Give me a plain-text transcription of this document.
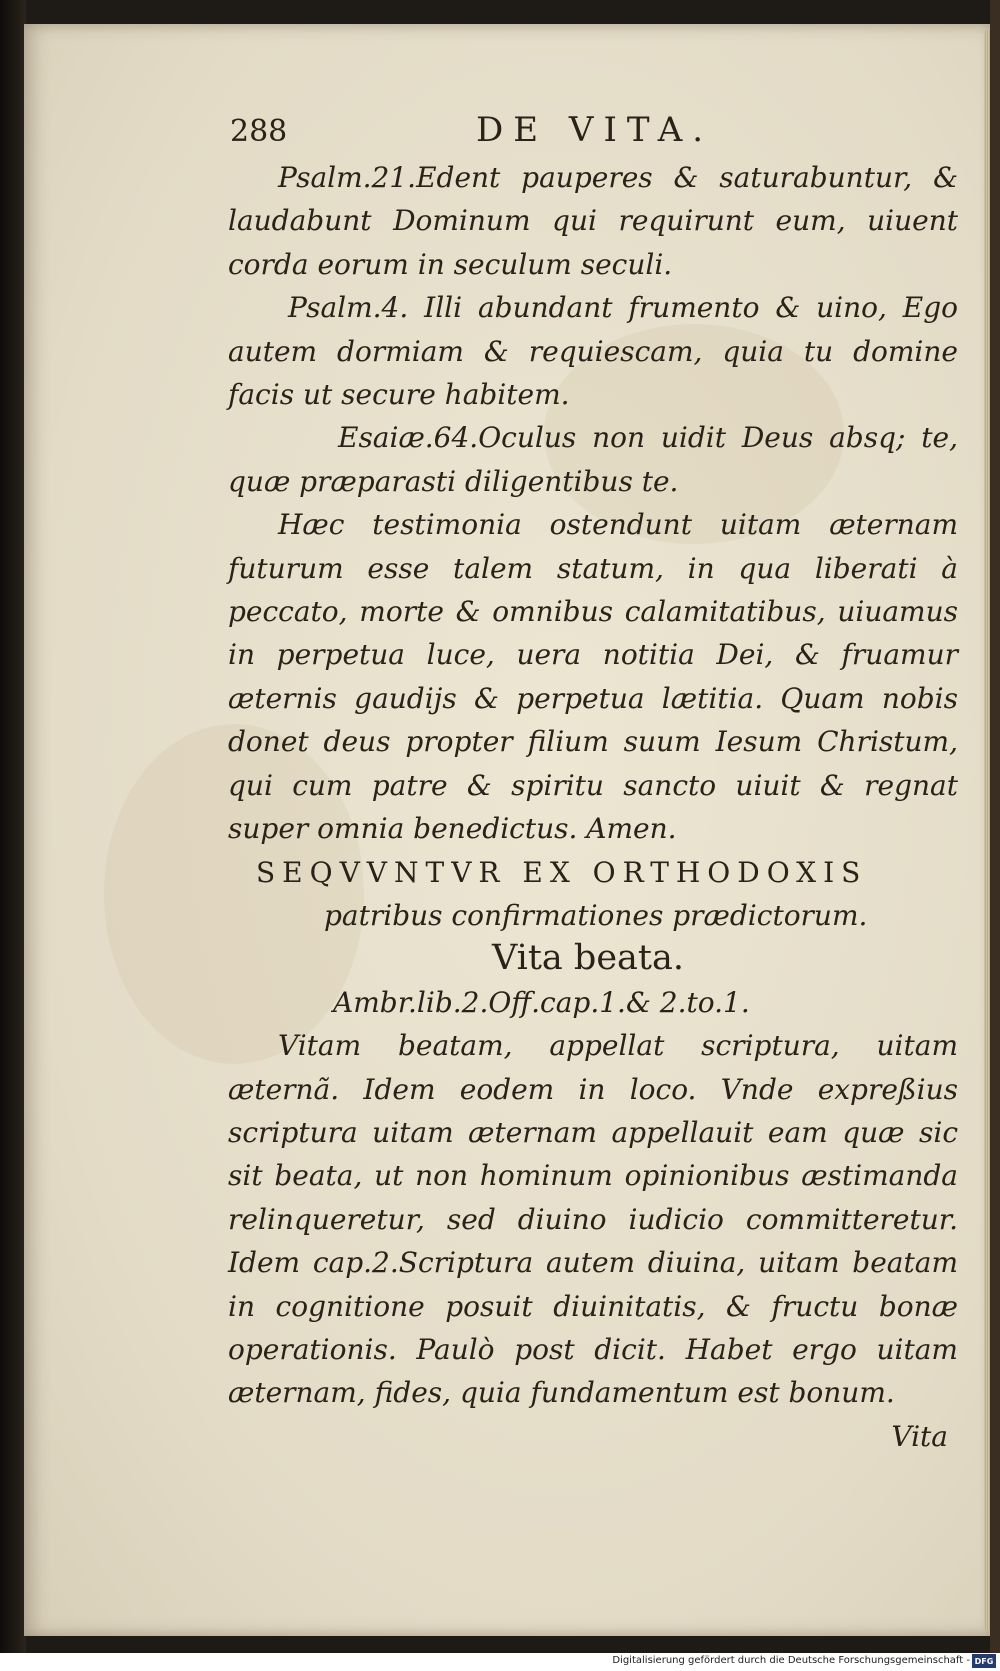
288	DE VITA.

Psalm.21.Edent pauperes & saturabuntur, & laudabunt Dominum qui requirunt eum, uiuent corda eorum in seculum seculi.

Psalm.4. Illi abundant frumento & uino, Ego autem dormiam & requiescam, quia tu domine facis ut secure habitem.

Esaiæ.64.Oculus non uidit Deus absq; te, quæ præparasti diligentibus te.

Hæc testimonia ostendunt uitam æternam futurum esse talem statum, in qua liberati à peccato, morte & omnibus calamitatibus, uiuamus in perpetua luce, uera notitia Dei, & fruamur æternis gaudijs & perpetua lætitia. Quam nobis donet deus propter filium suum Iesum Christum, qui cum patre & spiritu sancto uiuit & regnat super omnia benedictus. Amen.

SEQVVNTVR EX ORTHODOXIS

patribus confirmationes prædictorum.

Vita beata.

Ambr.lib.2.Off.cap.1.& 2.to.1.

Vitam beatam, appellat scriptura, uitam æternã. Idem eodem in loco. Vnde expreßius scriptura uitam æternam appellauit eam quæ sic sit beata, ut non hominum opinionibus æstimanda relinqueretur, sed diuino iudicio committeretur. Idem cap.2.Scriptura autem diuina, uitam beatam in cognitione posuit diuinitatis, & fructu bonæ operationis. Paulò post dicit. Habet ergo uitam æternam, fides, quia fundamentum est bonum.

Vita

Digitalisierung gefördert durch die Deutsche Forschungsgemeinschaft - DFG
